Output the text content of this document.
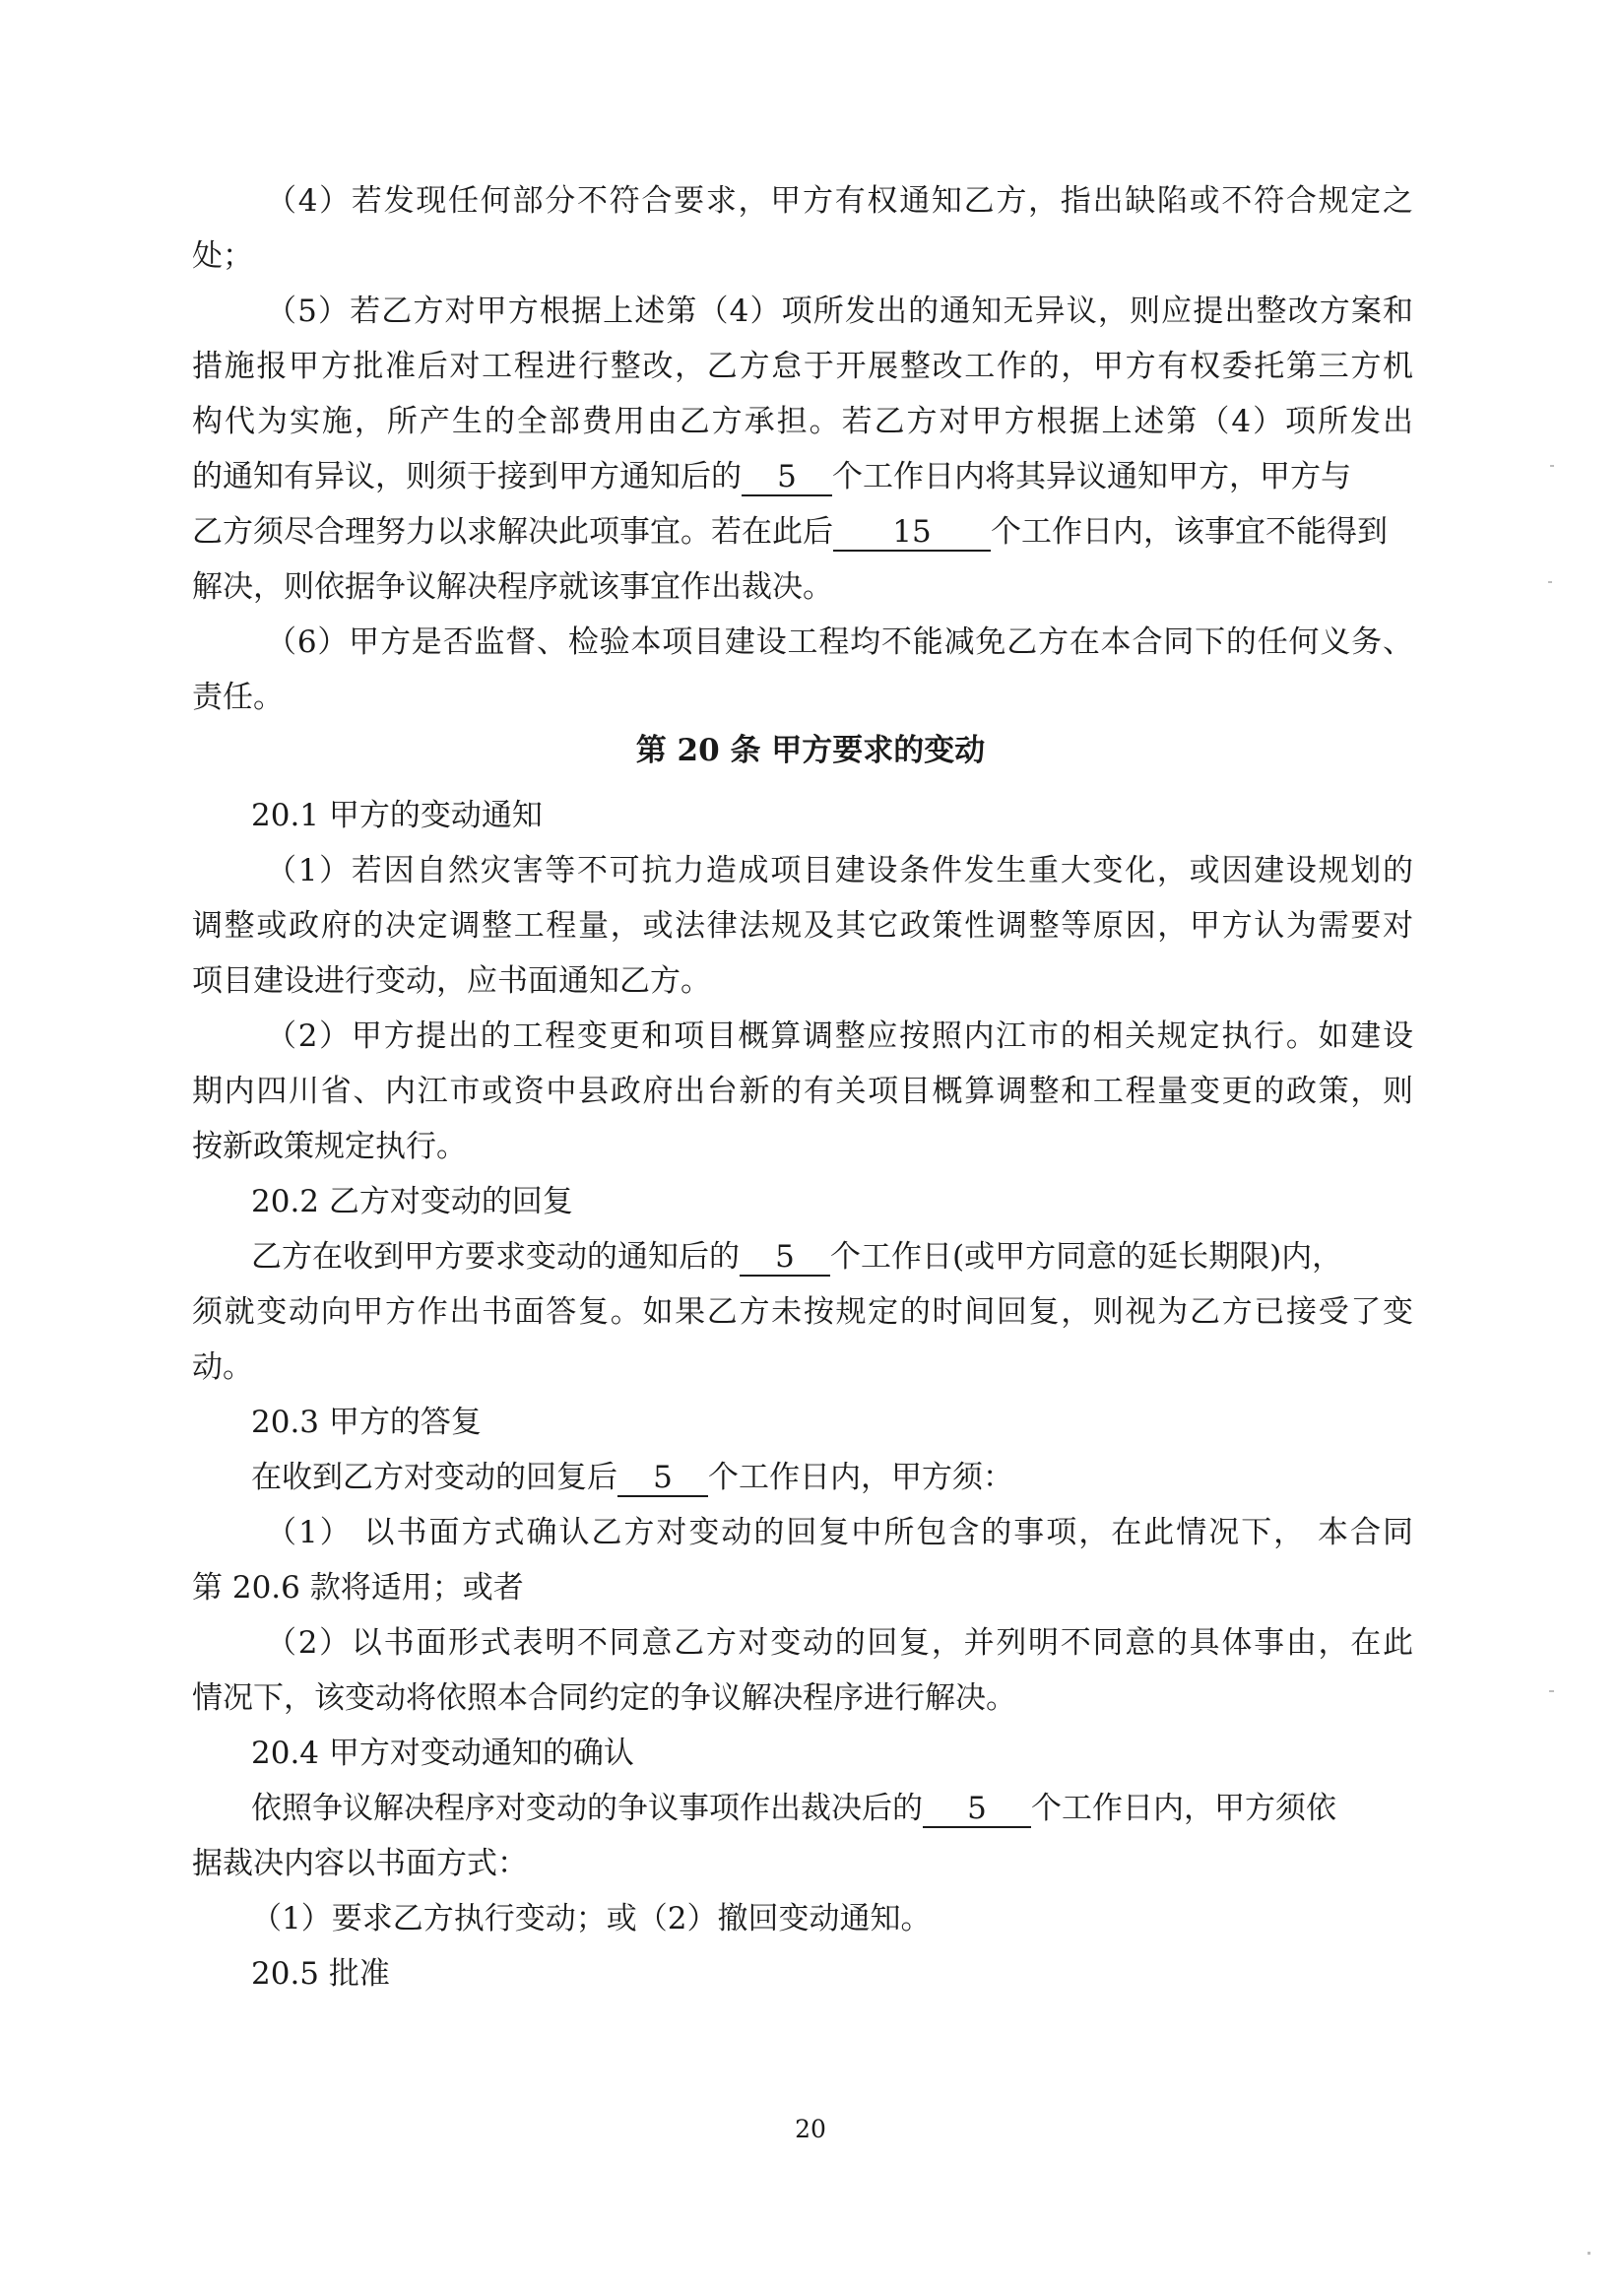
（4）若发现任何部分不符合要求，甲方有权通知乙方，指出缺陷或不符合规定之
处；
（5）若乙方对甲方根据上述第（4）项所发出的通知无异议，则应提出整改方案和
措施报甲方批准后对工程进行整改，乙方怠于开展整改工作的，甲方有权委托第三方机
构代为实施，所产生的全部费用由乙方承担。若乙方对甲方根据上述第（4）项所发出
的通知有异议，则须于接到甲方通知后的 5 个工作日内将其异议通知甲方，甲方与
乙方须尽合理努力以求解决此项事宜。若在此后 15 个工作日内，该事宜不能得到
解决，则依据争议解决程序就该事宜作出裁决。
（6）甲方是否监督、检验本项目建设工程均不能减免乙方在本合同下的任何义务、
责任。
第 20 条 甲方要求的变动
20.1 甲方的变动通知
（1）若因自然灾害等不可抗力造成项目建设条件发生重大变化，或因建设规划的
调整或政府的决定调整工程量，或法律法规及其它政策性调整等原因，甲方认为需要对
项目建设进行变动，应书面通知乙方。
（2）甲方提出的工程变更和项目概算调整应按照内江市的相关规定执行。如建设
期内四川省、内江市或资中县政府出台新的有关项目概算调整和工程量变更的政策，则
按新政策规定执行。
20.2 乙方对变动的回复
乙方在收到甲方要求变动的通知后的 5 个工作日(或甲方同意的延长期限)内，
须就变动向甲方作出书面答复。如果乙方未按规定的时间回复，则视为乙方已接受了变
动。
20.3 甲方的答复
在收到乙方对变动的回复后 5 个工作日内，甲方须：
（1） 以书面方式确认乙方对变动的回复中所包含的事项，在此情况下， 本合同
第 20.6 款将适用；或者
（2）以书面形式表明不同意乙方对变动的回复，并列明不同意的具体事由，在此
情况下，该变动将依照本合同约定的争议解决程序进行解决。
20.4 甲方对变动通知的确认
依照争议解决程序对变动的争议事项作出裁决后的 5 个工作日内，甲方须依
据裁决内容以书面方式：
（1）要求乙方执行变动；或（2）撤回变动通知。
20.5 批准
20
